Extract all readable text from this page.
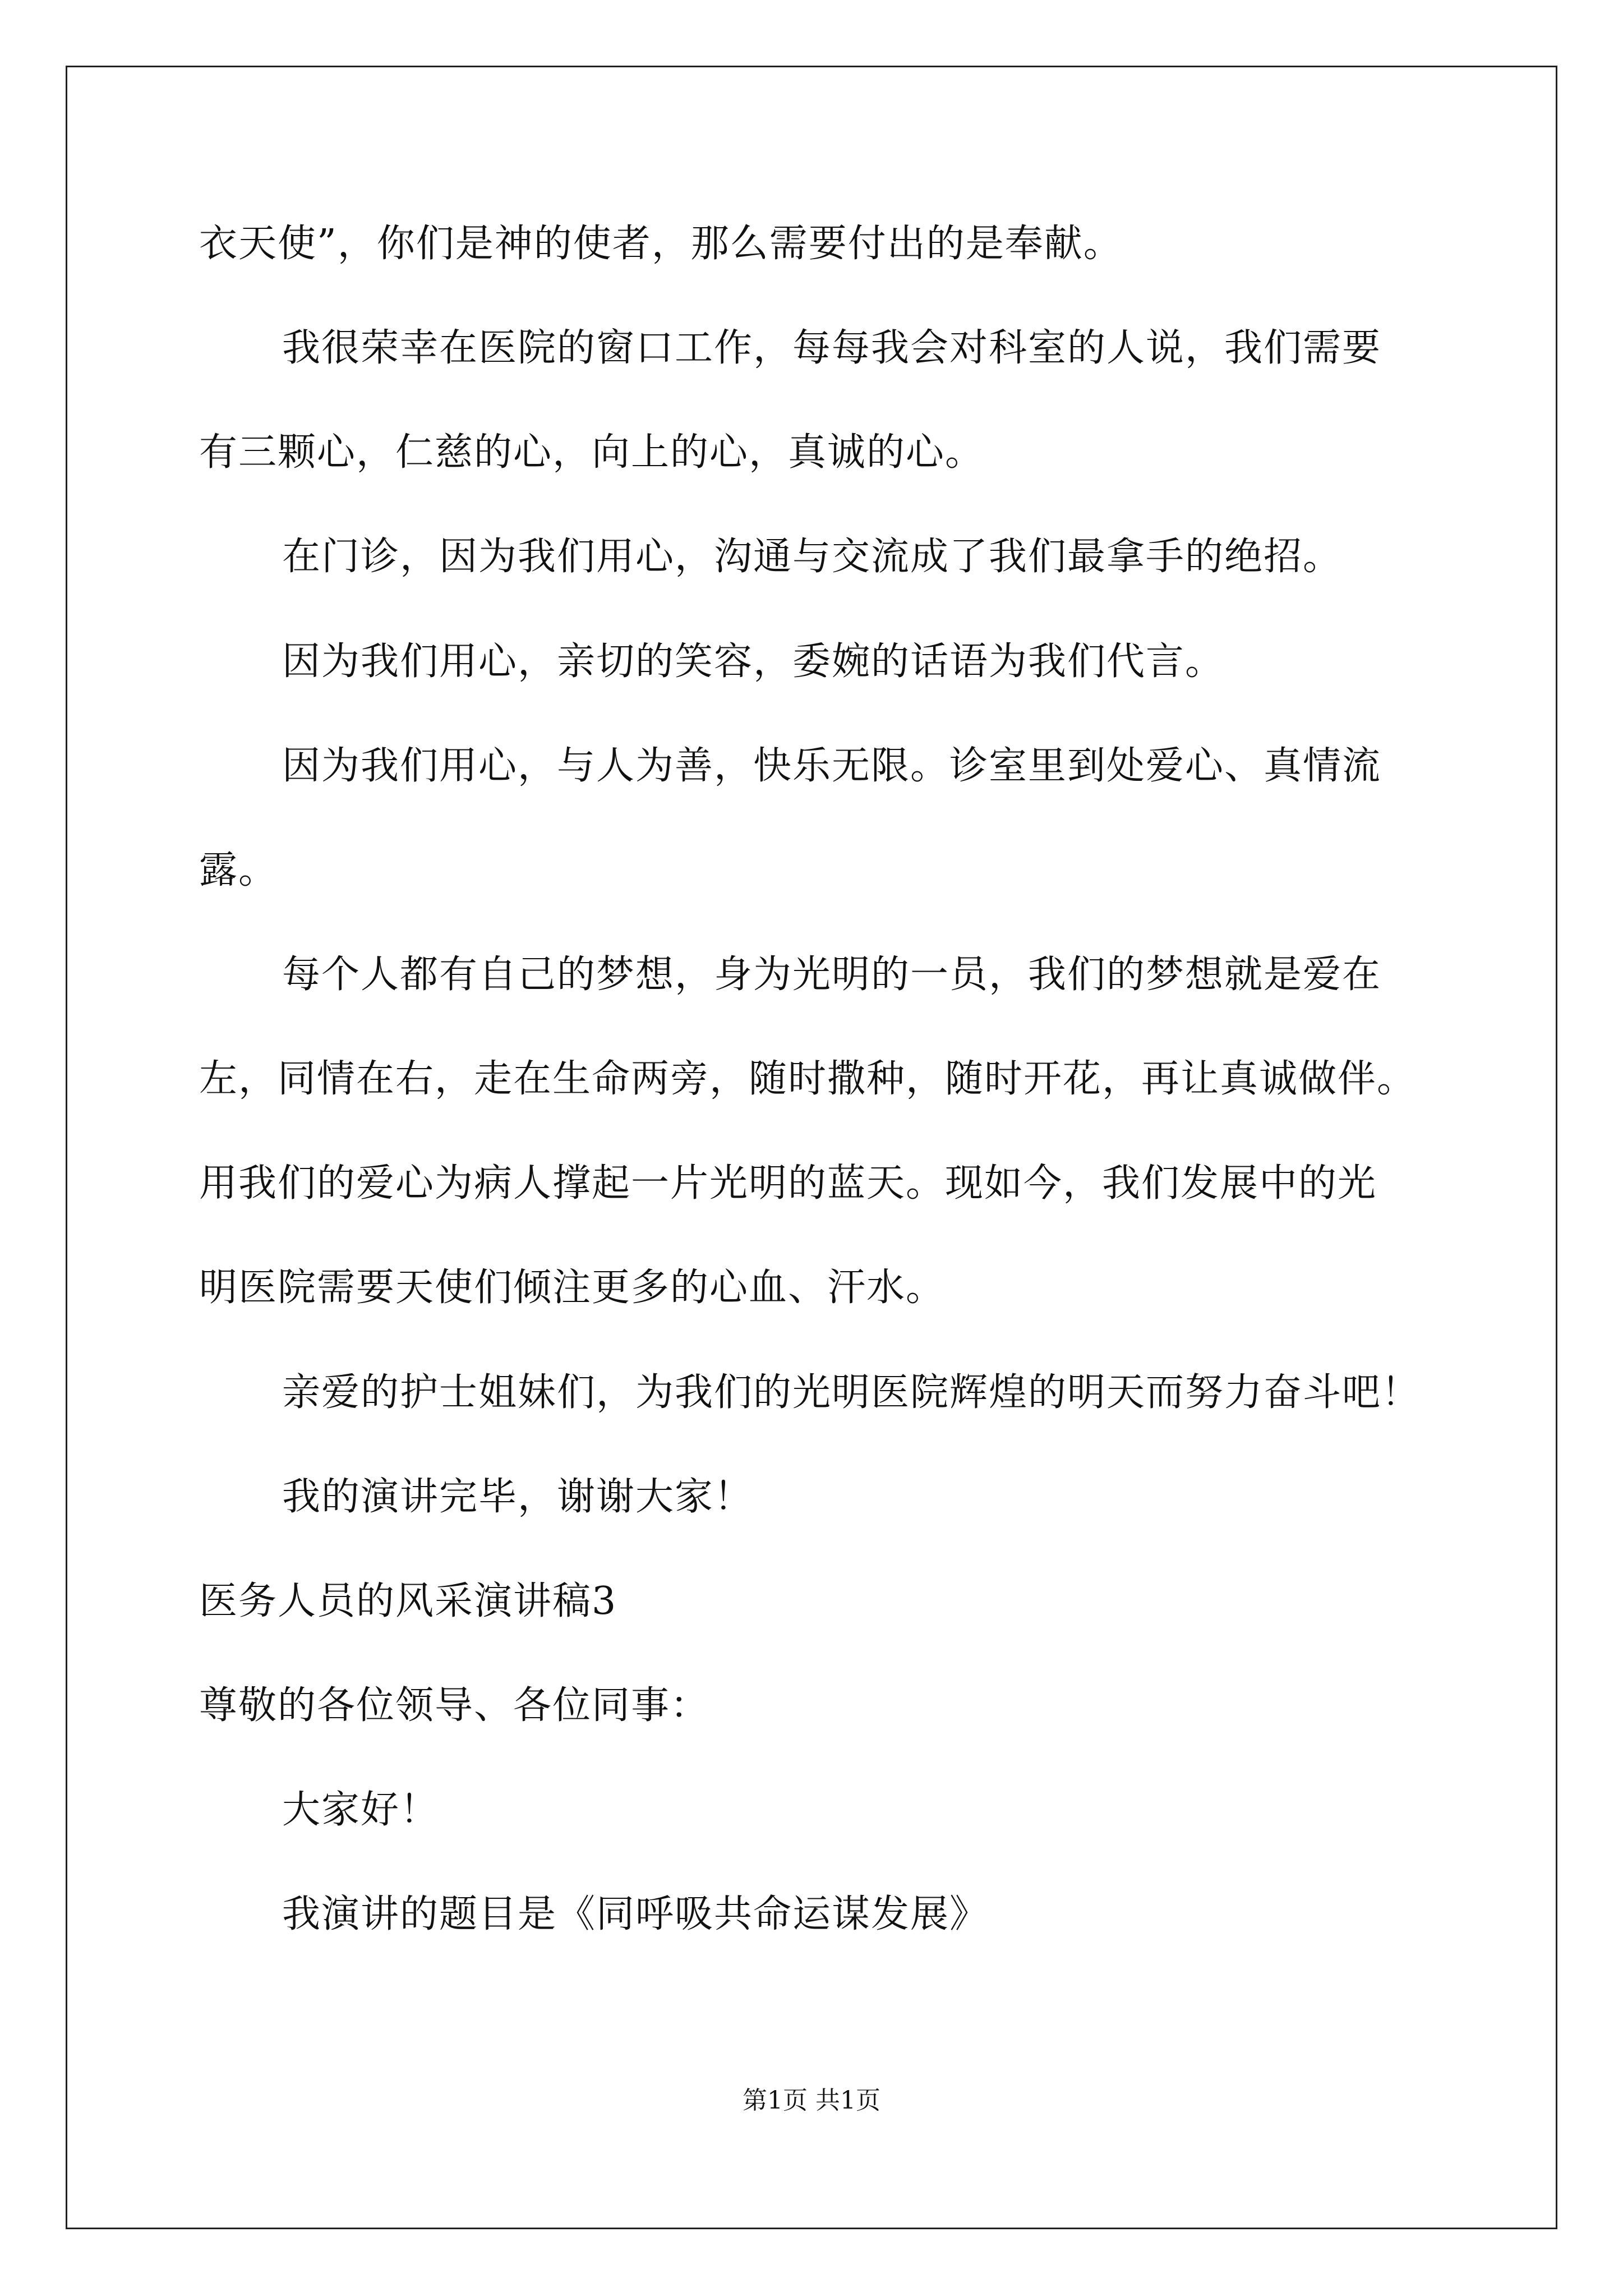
衣天使”，你们是神的使者，那么需要付出的是奉献。
我很荣幸在医院的窗口工作，每每我会对科室的人说，我们需要
有三颗心，仁慈的心，向上的心，真诚的心。
在门诊，因为我们用心，沟通与交流成了我们最拿手的绝招。
因为我们用心，亲切的笑容，委婉的话语为我们代言。
因为我们用心，与人为善，快乐无限。诊室里到处爱心、真情流
露。
每个人都有自己的梦想，身为光明的一员，我们的梦想就是爱在
左，同情在右，走在生命两旁，随时撒种，随时开花，再让真诚做伴。
用我们的爱心为病人撑起一片光明的蓝天。现如今，我们发展中的光
明医院需要天使们倾注更多的心血、汗水。
亲爱的护士姐妹们，为我们的光明医院辉煌的明天而努力奋斗吧！
我的演讲完毕，谢谢大家！
医务人员的风采演讲稿3
尊敬的各位领导、各位同事：
大家好！
我演讲的题目是《同呼吸共命运谋发展》
第1页 共1页
